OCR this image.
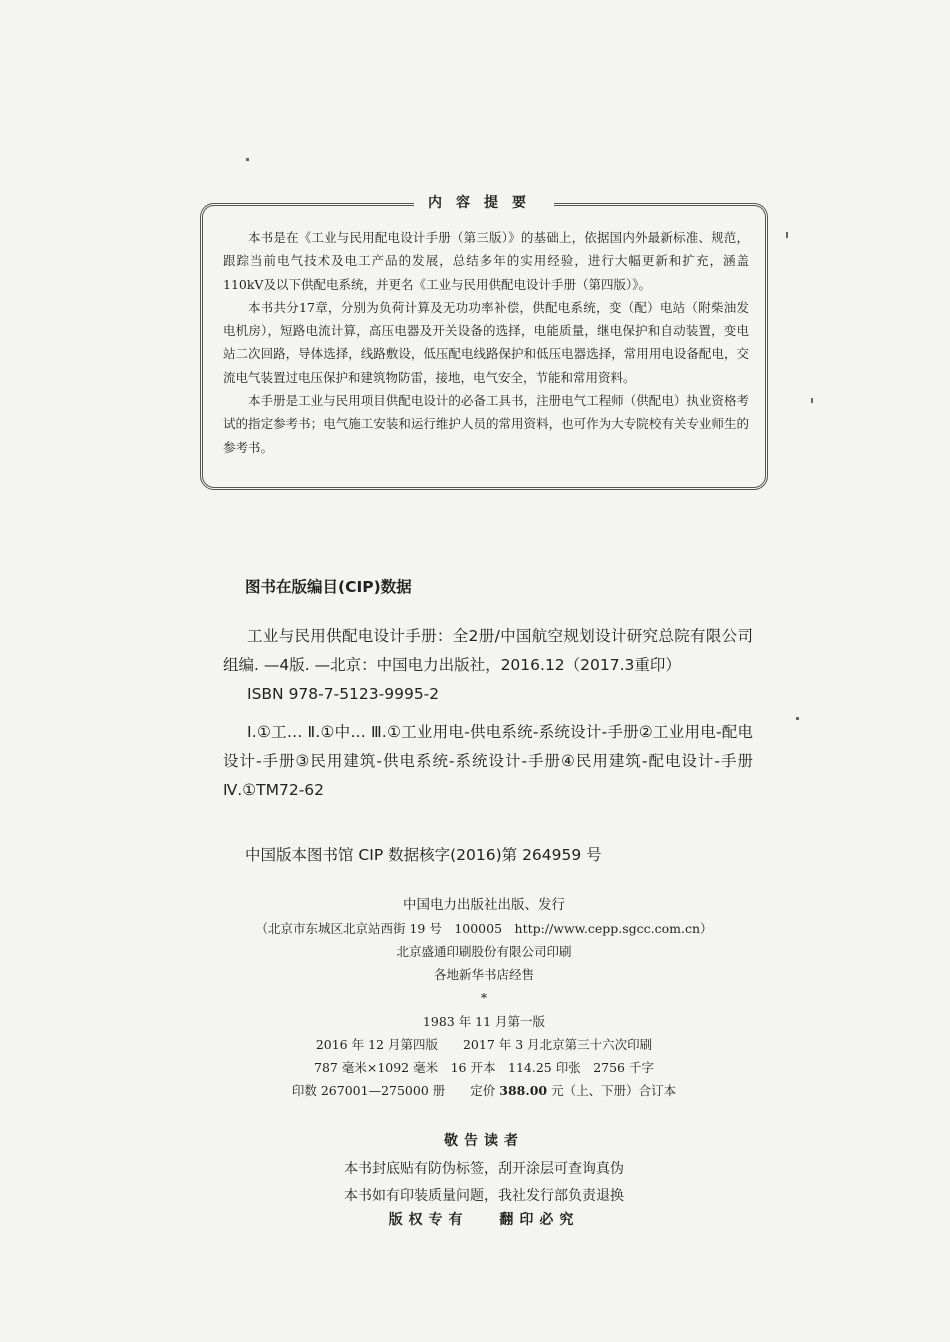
内容提要

本书是在《工业与民用配电设计手册（第三版）》的基础上，依据国内外最新标准、规范，跟踪当前电气技术及电工产品的发展，总结多年的实用经验，进行大幅更新和扩充，涵盖110kV及以下供配电系统，并更名《工业与民用供配电设计手册（第四版）》。

本书共分17章，分别为负荷计算及无功功率补偿，供配电系统，变（配）电站（附柴油发电机房），短路电流计算，高压电器及开关设备的选择，电能质量，继电保护和自动装置，变电站二次回路，导体选择，线路敷设，低压配电线路保护和低压电器选择，常用用电设备配电，交流电气装置过电压保护和建筑物防雷，接地，电气安全，节能和常用资料。

本手册是工业与民用项目供配电设计的必备工具书，注册电气工程师（供配电）执业资格考试的指定参考书；电气施工安装和运行维护人员的常用资料，也可作为大专院校有关专业师生的参考书。

图书在版编目(CIP)数据

工业与民用供配电设计手册：全2册/中国航空规划设计研究总院有限公司组编. —4版. —北京：中国电力出版社，2016.12（2017.3重印）

ISBN 978-7-5123-9995-2

Ⅰ.①工… Ⅱ.①中… Ⅲ.①工业用电-供电系统-系统设计-手册②工业用电-配电设计-手册③民用建筑-供电系统-系统设计-手册④民用建筑-配电设计-手册 Ⅳ.①TM72-62

中国版本图书馆 CIP 数据核字(2016)第 264959 号
中国电力出版社出版、发行
（北京市东城区北京站西街 19 号　100005　http://www.cepp.sgcc.com.cn）
北京盛通印刷股份有限公司印刷
各地新华书店经售
*
1983 年 11 月第一版
2016 年 12 月第四版　　2017 年 3 月北京第三十六次印刷
787 毫米×1092 毫米　16 开本　114.25 印张　2756 千字
印数 267001—275000 册   定价 388.00 元（上、下册）合订本
敬告读者
本书封底贴有防伪标签，刮开涂层可查询真伪
本书如有印装质量问题，我社发行部负责退换
版权专有 翻印必究
